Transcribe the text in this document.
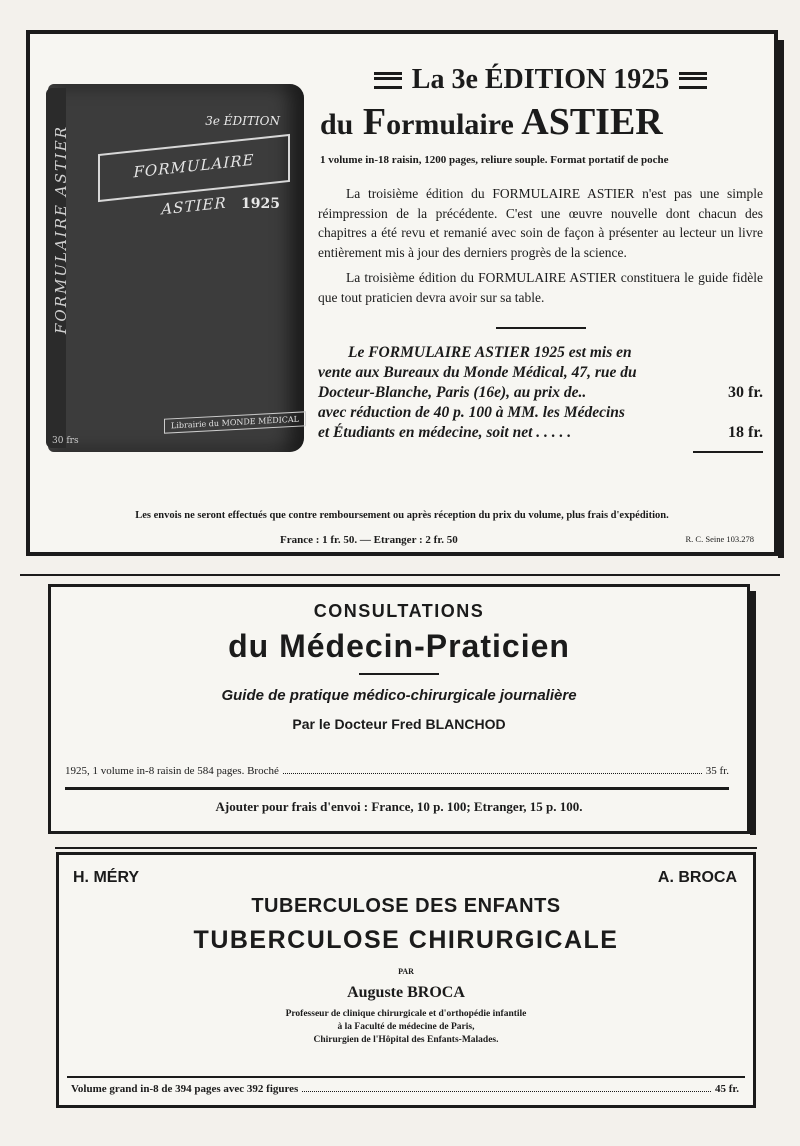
FORMULAIRE ASTIER
3e ÉDITION
FORMULAIRE ASTIER	1925
Librairie du MONDE MÉDICAL
30 frs
La 3e ÉDITION 1925
du Formulaire ASTIER
1 volume in-18 raisin, 1200 pages, reliure souple. Format portatif de poche

La troisième édition du FORMULAIRE ASTIER n'est pas une simple réimpression de la précédente. C'est une œuvre nouvelle dont chacun des chapitres a été revu et remanié avec soin de façon à présenter au lecteur un livre entièrement mis à jour des derniers progrès de la science.

La troisième édition du FORMULAIRE ASTIER constituera le guide fidèle que tout praticien devra avoir sur sa table.

Le FORMULAIRE ASTIER 1925 est mis en
vente aux Bureaux du Monde Médical, 47, rue du
Docteur-Blanche, Paris (16e), au prix de..	30 fr.
avec réduction de 40 p. 100 à MM. les Médecins
et Étudiants en médecine, soit net . . . . .	18 fr.
Les envois ne seront effectués que contre remboursement ou après réception du prix du volume, plus frais d'expédition.
France : 1 fr. 50. — Etranger : 2 fr. 50	R. C. Seine 103.278
CONSULTATIONS
du Médecin-Praticien
Guide de pratique médico-chirurgicale journalière
Par le Docteur Fred BLANCHOD
1925, 1 volume in-8 raisin de 584 pages. Broché	35 fr.
Ajouter pour frais d'envoi : France, 10 p. 100; Etranger, 15 p. 100.
H. MÉRY	A. BROCA
TUBERCULOSE DES ENFANTS
TUBERCULOSE CHIRURGICALE
PAR
Auguste BROCA
Professeur de clinique chirurgicale et d'orthopédie infantile
à la Faculté de médecine de Paris,
Chirurgien de l'Hôpital des Enfants-Malades.
Volume grand in-8 de 394 pages avec 392 figures	45 fr.
